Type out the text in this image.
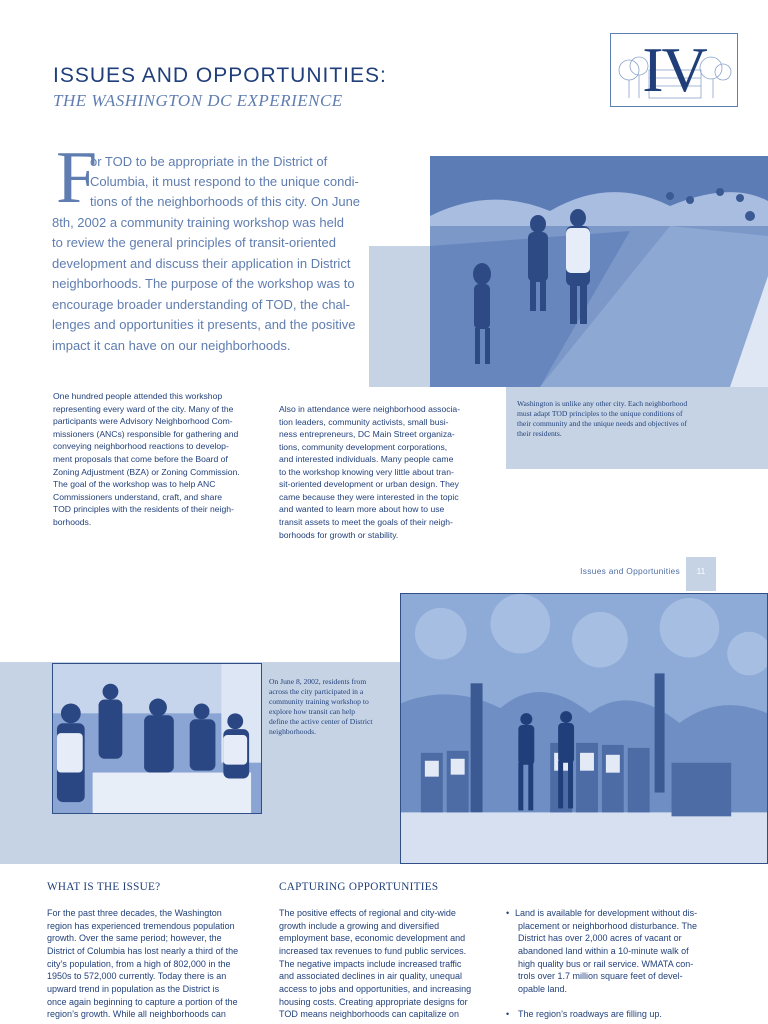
IV
ISSUES AND OPPORTUNITIES:
THE WASHINGTON DC EXPERIENCE
F
or TOD to be appropriate in the District of
Columbia, it must respond to the unique condi-
tions of the neighborhoods of this city. On June
8th, 2002 a community training workshop was held
to review the general principles of transit-oriented
development and discuss their application in District
neighborhoods. The purpose of the workshop was to
encourage broader understanding of TOD, the chal-
lenges and opportunities it presents, and the positive
impact it can have on our neighborhoods.
One hundred people attended this workshop
representing every ward of the city. Many of the
participants were Advisory Neighborhood Com-
missioners (ANCs) responsible for gathering and
conveying neighborhood reactions to develop-
ment proposals that come before the Board of
Zoning Adjustment (BZA) or Zoning Commission.
The goal of the workshop was to help ANC
Commissioners understand, craft, and share
TOD principles with the residents of their neigh-
borhoods.
Also in attendance were neighborhood associa-
tion leaders, community activists, small busi-
ness entrepreneurs, DC Main Street organiza-
tions, community development corporations,
and interested individuals. Many people came
to the workshop knowing very little about tran-
sit-oriented development or urban design. They
came because they were interested in the topic
and wanted to learn more about how to use
transit assets to meet the goals of their neigh-
borhoods for growth or stability.
Washington is unlike any other city. Each neighborhood
must adapt TOD principles to the unique conditions of
their community and the unique needs and objectives of
their residents.
Issues and Opportunities	11
On June 8, 2002, residents from
across the city participated in a
community training workshop to
explore how transit can help
define the active center of District
neighborhoods.
WHAT IS THE ISSUE?
For the past three decades, the Washington
region has experienced tremendous population
growth. Over the same period; however, the
District of Columbia has lost nearly a third of the
city’s population, from a high of 802,000 in the
1950s to 572,000 currently. Today there is an
upward trend in population as the District is
once again beginning to capture a portion of the
region’s growth. While all neighborhoods can
CAPTURING OPPORTUNITIES
The positive effects of regional and city-wide
growth include a growing and diversified
employment base, economic development and
increased tax revenues to fund public services.
The negative impacts include increased traffic
and associated declines in air quality, unequal
access to jobs and opportunities, and increasing
housing costs. Creating appropriate designs for
TOD means neighborhoods can capitalize on
• Land is available for development without dis-
placement or neighborhood disturbance. The
District has over 2,000 acres of vacant or
abandoned land within a 10-minute walk of
high quality bus or rail service. WMATA con-
trols over 1.7 million square feet of devel-
opable land.
• The region’s roadways are filling up.
